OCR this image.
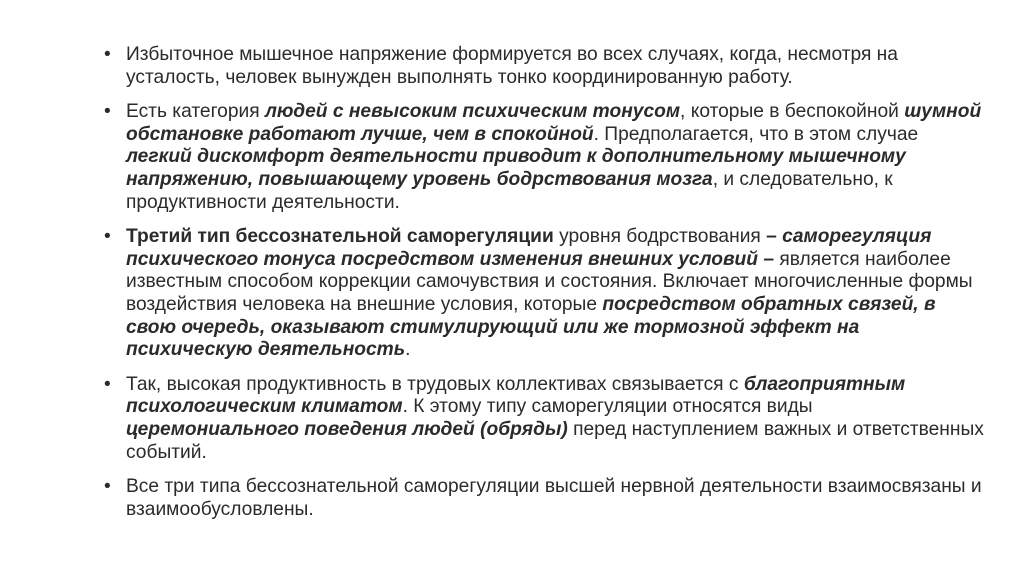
• Избыточное мышечное напряжение формируется во всех случаях, когда, несмотря на усталость, человек вынужден выполнять тонко координированную работу.
• Есть категория людей с невысоким психическим тонусом, которые в беспокойной шумной обстановке работают лучше, чем в спокойной. Предполагается, что в этом случае легкий дискомфорт деятельности приводит к дополнительному мышечному напряжению, повышающему уровень бодрствования мозга, и следовательно, к продуктивности деятельности.
• Третий тип бессознательной саморегуляции уровня бодрствования – саморегуляция психического тонуса посредством изменения внешних условий – является наиболее известным способом коррекции самочувствия и состояния. Включает многочисленные формы воздействия человека на внешние условия, которые посредством обратных связей, в свою очередь, оказывают стимулирующий или же тормозной эффект на психическую деятельность.
• Так, высокая продуктивность в трудовых коллективах связывается с благоприятным психологическим климатом. К этому типу саморегуляции относятся виды церемониального поведения людей (обряды) перед наступлением важных и ответственных событий.
• Все три типа бессознательной саморегуляции высшей нервной деятельности взаимосвязаны и взаимообусловлены.
